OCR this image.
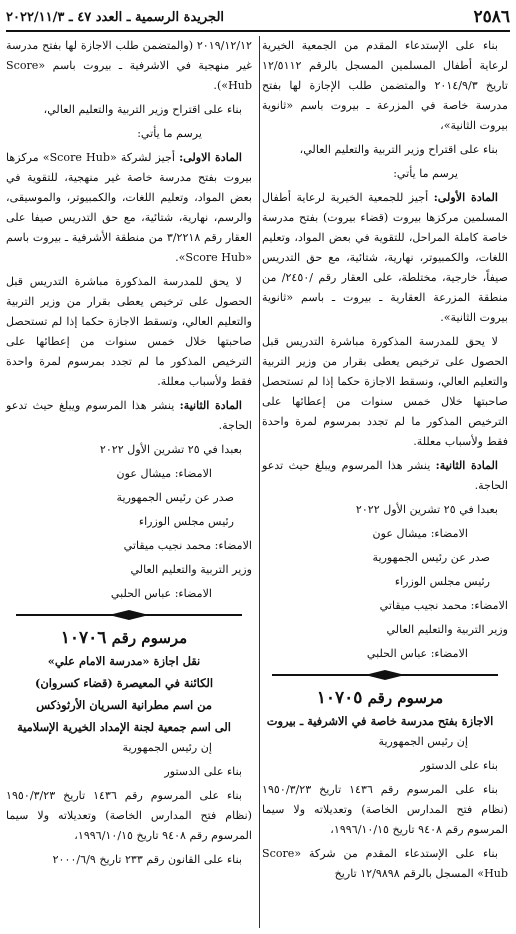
٢٥٨٦
الجريدة الرسمية ـ العدد ٤٧ ـ ٢٠٢٢/١١/٣

بناء على الإستدعاء المقدم من الجمعية الخيرية لرعاية أطفال المسلمين المسجل بالرقم ١٢/٥١١٢ تاريخ ٢٠١٤/٩/٣ والمتضمن طلب الإجازة لها بفتح مدرسة خاصة في المزرعة ـ بيروت باسم «ثانوية بيروت الثانية»،

بناء على اقتراح وزير التربية والتعليم العالي،

يرسم ما يأتي:

المادة الأولى: أجيز للجمعية الخيرية لرعاية أطفال المسلمين مركزها بيروت (قضاء بيروت) بفتح مدرسة خاصة كاملة المراحل، للتقوية في بعض المواد، وتعليم اللغات، والكمبيوتر، نهارية، شتائية، مع حق التدريس صيفاً، خارجية، مختلطة، على العقار رقم /٢٤٥٠/ من منطقة المزرعة العقارية ـ بيروت ـ باسم «ثانوية بيروت الثانية».

لا يحق للمدرسة المذكورة مباشرة التدريس قبل الحصول على ترخيص يعطى بقرار من وزير التربية والتعليم العالي، ونسقط الاجازة حكما إذا لم تستحصل صاحبتها خلال خمس سنوات من إعطائها على الترخيص المذكور ما لم تجدد بمرسوم لمرة واحدة فقط ولأسباب معللة.

المادة الثانية: ينشر هذا المرسوم ويبلغ حيث تدعو الحاجة.

بعبدا في ٢٥ تشرين الأول ٢٠٢٢

الامضاء: ميشال عون

صدر عن رئيس الجمهورية

رئيس مجلس الوزراء

الامضاء: محمد نجيب ميقاتي

وزير التربية والتعليم العالي

الامضاء: عباس الحلبي

مرسوم رقم ١٠٧٠٥

الاجازة بفتح مدرسة خاصة في الاشرفية ـ بيروت

إن رئيس الجمهورية

بناء على الدستور

بناء على المرسوم رقم ١٤٣٦ تاريخ ١٩٥٠/٣/٢٣ (نظام فتح المدارس الخاصة) وتعديلاته ولا سيما المرسوم رقم ٩٤٠٨ تاريخ ١٩٩٦/١٠/١٥،

بناء على الإستدعاء المقدم من شركة «Score Hub» المسجل بالرقم ١٢/٩٨٩٨ تاريخ

٢٠١٩/١٢/١٢ (والمتضمن طلب الاجازة لها بفتح مدرسة غير منهجية في الاشرفية ـ بيروت باسم «Score Hub»).

بناء على اقتراح وزير التربية والتعليم العالي،

يرسم ما يأتي:

المادة الاولى: أجيز لشركة «Score Hub» مركزها بيروت بفتح مدرسة خاصة غير منهجية، للتقوية في بعض المواد، وتعليم اللغات، والكمبيوتر، والموسيقى، والرسم، نهارية، شتائية، مع حق التدريس صيفا على العقار رقم ٣/٢٢١٨ من منطقة الأشرفية ـ بيروت باسم «Score Hub».

لا يحق للمدرسة المذكورة مباشرة التدريس قبل الحصول على ترخيص يعطى بقرار من وزير التربية والتعليم العالي، وتسقط الاجازة حكما إذا لم تستحصل صاحبتها خلال خمس سنوات من إعطائها على الترخيص المذكور ما لم تجدد بمرسوم لمرة واحدة فقط ولأسباب معللة.

المادة الثانية: ينشر هذا المرسوم ويبلغ حيث تدعو الحاجة.

بعبدا في ٢٥ تشرين الأول ٢٠٢٢

الامضاء: ميشال عون

صدر عن رئيس الجمهورية

رئيس مجلس الوزراء

الامضاء: محمد نجيب ميقاتي

وزير التربية والتعليم العالي

الامضاء: عباس الحلبي

مرسوم رقم ١٠٧٠٦

نقل اجازة «مدرسة الامام علي»

الكائنة في المعيصرة (قضاء كسروان)

من اسم مطرانية السريان الأرثوذكس

الى اسم جمعية لجنة الإمداد الخيرية الإسلامية

إن رئيس الجمهورية

بناء على الدستور

بناء على المرسوم رقم ١٤٣٦ تاريخ ١٩٥٠/٣/٢٣ (نظام فتح المدارس الخاصة) وتعديلاته ولا سيما المرسوم رقم ٩٤٠٨ تاريخ ١٩٩٦/١٠/١٥،

بناء على القانون رقم ٢٣٣ تاريخ ٢٠٠٠/٦/٩
